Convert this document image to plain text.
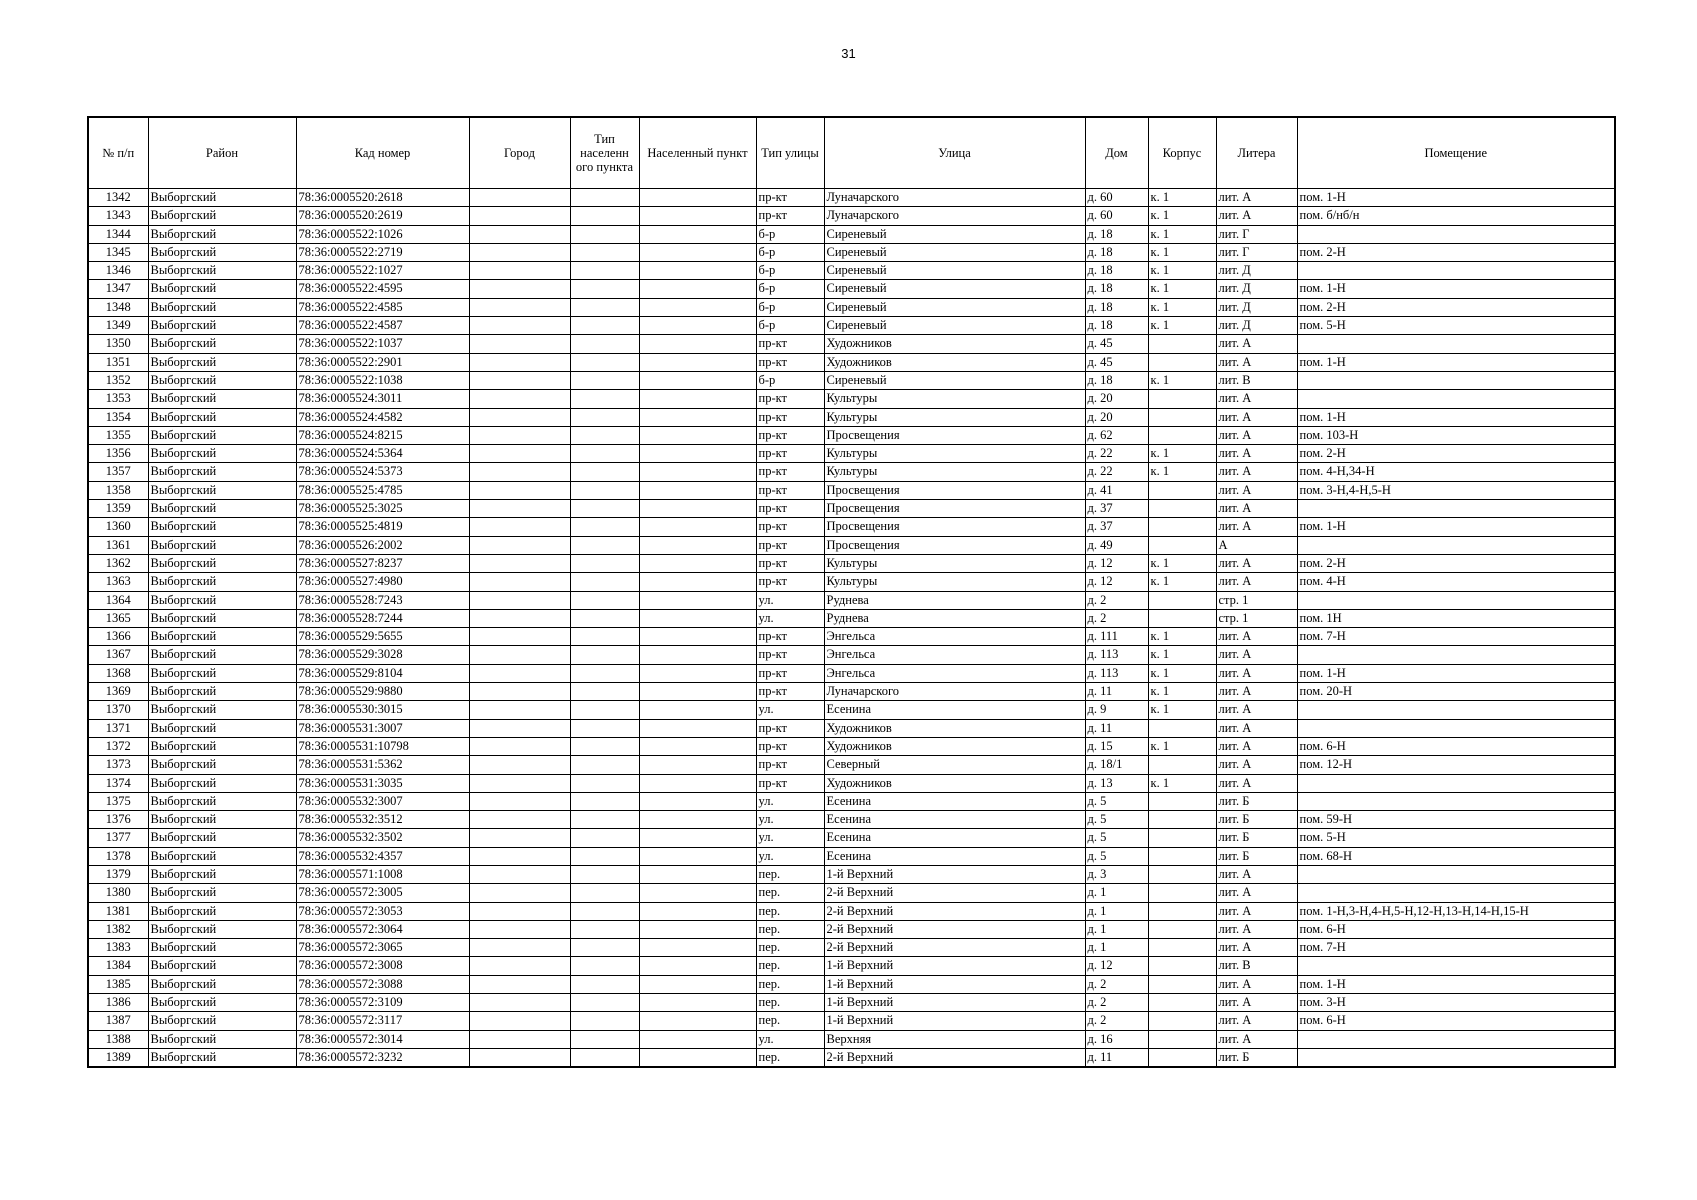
31
№ п/п	Район	Кад номер	Город	Тип населенн ого пункта	Населенный пункт	Тип улицы	Улица	Дом	Корпус	Литера	Помещение
1342	Выборгский	78:36:0005520:2618				пр-кт	Луначарского	д. 60	к. 1	лит. А	пом. 1-Н
1343	Выборгский	78:36:0005520:2619				пр-кт	Луначарского	д. 60	к. 1	лит. А	пом. б/нб/н
1344	Выборгский	78:36:0005522:1026				б-р	Сиреневый	д. 18	к. 1	лит. Г	
1345	Выборгский	78:36:0005522:2719				б-р	Сиреневый	д. 18	к. 1	лит. Г	пом. 2-Н
1346	Выборгский	78:36:0005522:1027				б-р	Сиреневый	д. 18	к. 1	лит. Д	
1347	Выборгский	78:36:0005522:4595				б-р	Сиреневый	д. 18	к. 1	лит. Д	пом. 1-Н
1348	Выборгский	78:36:0005522:4585				б-р	Сиреневый	д. 18	к. 1	лит. Д	пом. 2-Н
1349	Выборгский	78:36:0005522:4587				б-р	Сиреневый	д. 18	к. 1	лит. Д	пом. 5-Н
1350	Выборгский	78:36:0005522:1037				пр-кт	Художников	д. 45		лит. А	
1351	Выборгский	78:36:0005522:2901				пр-кт	Художников	д. 45		лит. А	пом. 1-Н
1352	Выборгский	78:36:0005522:1038				б-р	Сиреневый	д. 18	к. 1	лит. В	
1353	Выборгский	78:36:0005524:3011				пр-кт	Культуры	д. 20		лит. А	
1354	Выборгский	78:36:0005524:4582				пр-кт	Культуры	д. 20		лит. А	пом. 1-Н
1355	Выборгский	78:36:0005524:8215				пр-кт	Просвещения	д. 62		лит. А	пом. 103-Н
1356	Выборгский	78:36:0005524:5364				пр-кт	Культуры	д. 22	к. 1	лит. А	пом. 2-Н
1357	Выборгский	78:36:0005524:5373				пр-кт	Культуры	д. 22	к. 1	лит. А	пом. 4-Н,34-Н
1358	Выборгский	78:36:0005525:4785				пр-кт	Просвещения	д. 41		лит. А	пом. 3-Н,4-Н,5-Н
1359	Выборгский	78:36:0005525:3025				пр-кт	Просвещения	д. 37		лит. А	
1360	Выборгский	78:36:0005525:4819				пр-кт	Просвещения	д. 37		лит. А	пом. 1-Н
1361	Выборгский	78:36:0005526:2002				пр-кт	Просвещения	д. 49		А	
1362	Выборгский	78:36:0005527:8237				пр-кт	Культуры	д. 12	к. 1	лит. А	пом. 2-Н
1363	Выборгский	78:36:0005527:4980				пр-кт	Культуры	д. 12	к. 1	лит. А	пом. 4-Н
1364	Выборгский	78:36:0005528:7243				ул.	Руднева	д. 2		стр. 1	
1365	Выборгский	78:36:0005528:7244				ул.	Руднева	д. 2		стр. 1	пом. 1Н
1366	Выборгский	78:36:0005529:5655				пр-кт	Энгельса	д. 111	к. 1	лит. А	пом. 7-Н
1367	Выборгский	78:36:0005529:3028				пр-кт	Энгельса	д. 113	к. 1	лит. А	
1368	Выборгский	78:36:0005529:8104				пр-кт	Энгельса	д. 113	к. 1	лит. А	пом. 1-Н
1369	Выборгский	78:36:0005529:9880				пр-кт	Луначарского	д. 11	к. 1	лит. А	пом. 20-Н
1370	Выборгский	78:36:0005530:3015				ул.	Есенина	д. 9	к. 1	лит. А	
1371	Выборгский	78:36:0005531:3007				пр-кт	Художников	д. 11		лит. А	
1372	Выборгский	78:36:0005531:10798				пр-кт	Художников	д. 15	к. 1	лит. А	пом. 6-Н
1373	Выборгский	78:36:0005531:5362				пр-кт	Северный	д. 18/1		лит. А	пом. 12-Н
1374	Выборгский	78:36:0005531:3035				пр-кт	Художников	д. 13	к. 1	лит. А	
1375	Выборгский	78:36:0005532:3007				ул.	Есенина	д. 5		лит. Б	
1376	Выборгский	78:36:0005532:3512				ул.	Есенина	д. 5		лит. Б	пом. 59-Н
1377	Выборгский	78:36:0005532:3502				ул.	Есенина	д. 5		лит. Б	пом. 5-Н
1378	Выборгский	78:36:0005532:4357				ул.	Есенина	д. 5		лит. Б	пом. 68-Н
1379	Выборгский	78:36:0005571:1008				пер.	1-й Верхний	д. 3		лит. А	
1380	Выборгский	78:36:0005572:3005				пер.	2-й Верхний	д. 1		лит. А	
1381	Выборгский	78:36:0005572:3053				пер.	2-й Верхний	д. 1		лит. А	пом. 1-Н,3-Н,4-Н,5-Н,12-Н,13-Н,14-Н,15-Н
1382	Выборгский	78:36:0005572:3064				пер.	2-й Верхний	д. 1		лит. А	пом. 6-Н
1383	Выборгский	78:36:0005572:3065				пер.	2-й Верхний	д. 1		лит. А	пом. 7-Н
1384	Выборгский	78:36:0005572:3008				пер.	1-й Верхний	д. 12		лит. В	
1385	Выборгский	78:36:0005572:3088				пер.	1-й Верхний	д. 2		лит. А	пом. 1-Н
1386	Выборгский	78:36:0005572:3109				пер.	1-й Верхний	д. 2		лит. А	пом. 3-Н
1387	Выборгский	78:36:0005572:3117				пер.	1-й Верхний	д. 2		лит. А	пом. 6-Н
1388	Выборгский	78:36:0005572:3014				ул.	Верхняя	д. 16		лит. А	
1389	Выборгский	78:36:0005572:3232				пер.	2-й Верхний	д. 11		лит. Б	
